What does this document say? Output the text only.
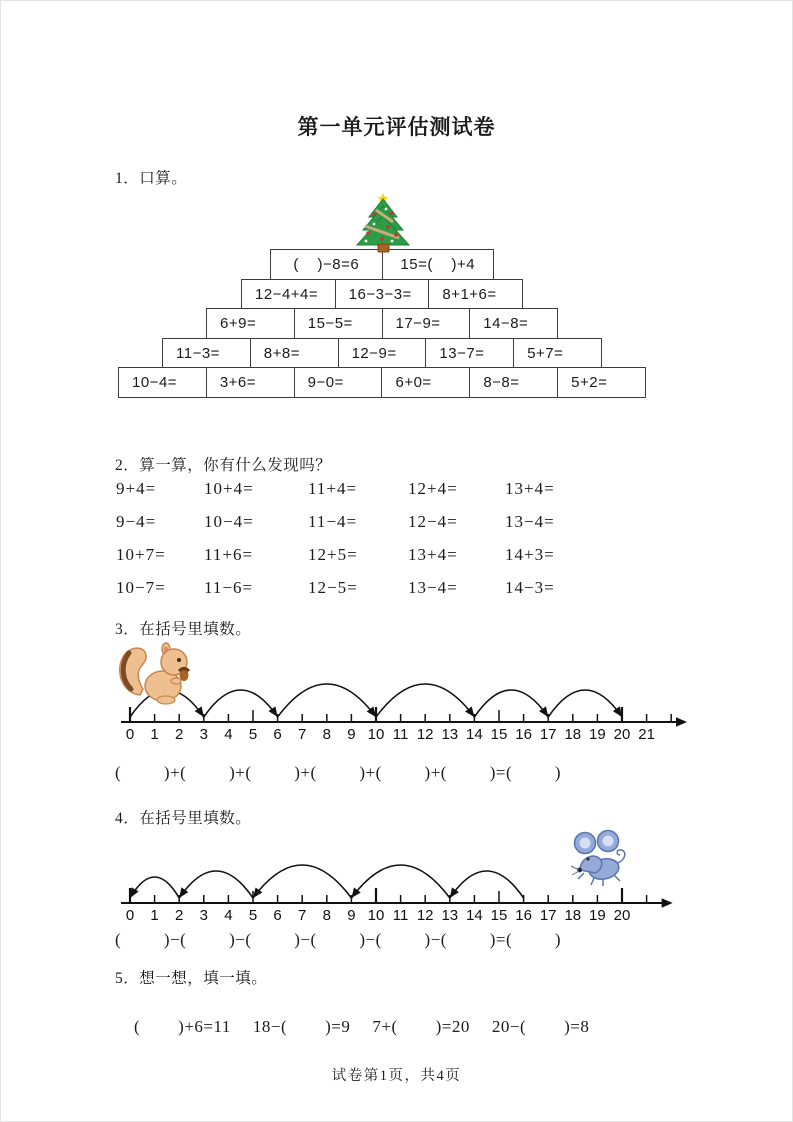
第一单元评估测试卷
1．口算。
(    )−8=6	15=(    )+4
12−4+4=	16−3−3=	8+1+6=
6+9=	15−5=	17−9=	14−8=
11−3=	8+8=	12−9=	13−7=	5+7=
10−4=	3+6=	9−0=	6+0=	8−8=	5+2=
2．算一算，你有什么发现吗？
9+4=	10+4=	11+4=	12+4=	13+4=
9−4=	10−4=	11−4=	12−4=	13−4=
10+7= 11+6=	12+5=	13+4=	14+3=
10−7= 11−6=	12−5=	13−4=	14−3=
3．在括号里填数。
0 1 2 3 4 5 6 7 8 9 10 11 12 13 14 15 16 17 18 19 20 21
(         )+(         )+(         )+(         )+(         )+(         )=(         )
4．在括号里填数。
0 1 2 3 4 5 6 7 8 9 10 11 12 13 14 15 16 17 18 19 20
(         )−(         )−(         )−(         )−(         )−(         )=(         )
5．想一想，填一填。

(        )+6=11 18−(        )=9 7+(        )=20 20−(        )=8

试卷第1页，共4页
